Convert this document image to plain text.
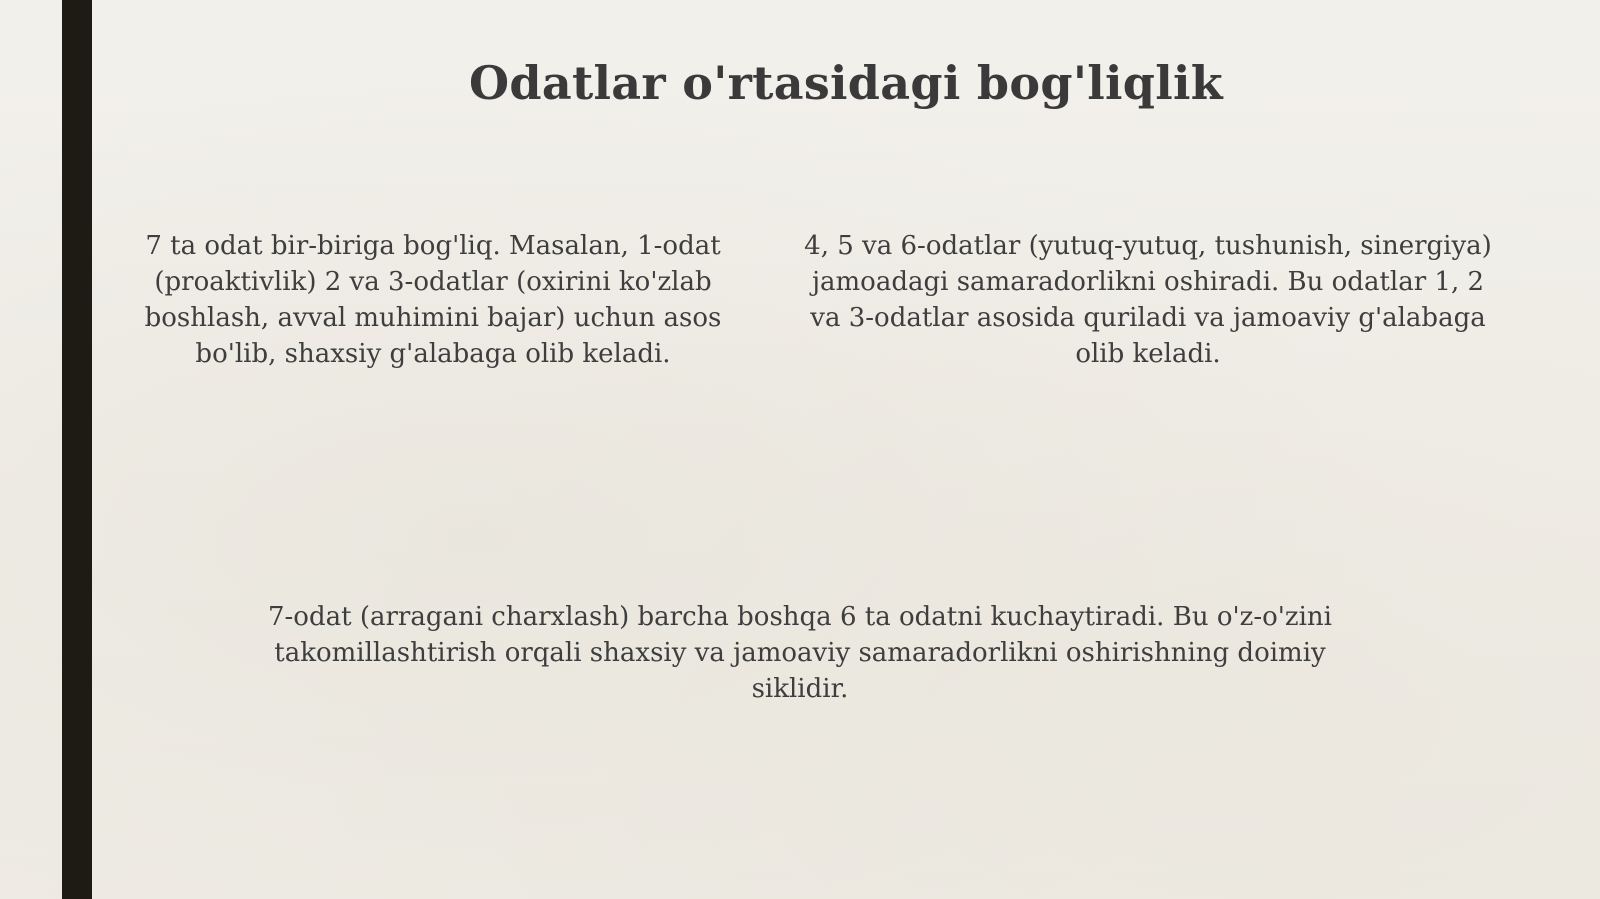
Odatlar o'rtasidagi bog'liqlik

7 ta odat bir-biriga bog'liq. Masalan, 1-odat (proaktivlik) 2 va 3-odatlar (oxirini ko'zlab boshlash, avval muhimini bajar) uchun asos bo'lib, shaxsiy g'alabaga olib keladi.

4, 5 va 6-odatlar (yutuq-yutuq, tushunish, sinergiya) jamoadagi samaradorlikni oshiradi. Bu odatlar 1, 2 va 3-odatlar asosida quriladi va jamoaviy g'alabaga olib keladi.

7-odat (arragani charxlash) barcha boshqa 6 ta odatni kuchaytiradi. Bu o'z-o'zini takomillashtirish orqali shaxsiy va jamoaviy samaradorlikni oshirishning doimiy siklidir.
